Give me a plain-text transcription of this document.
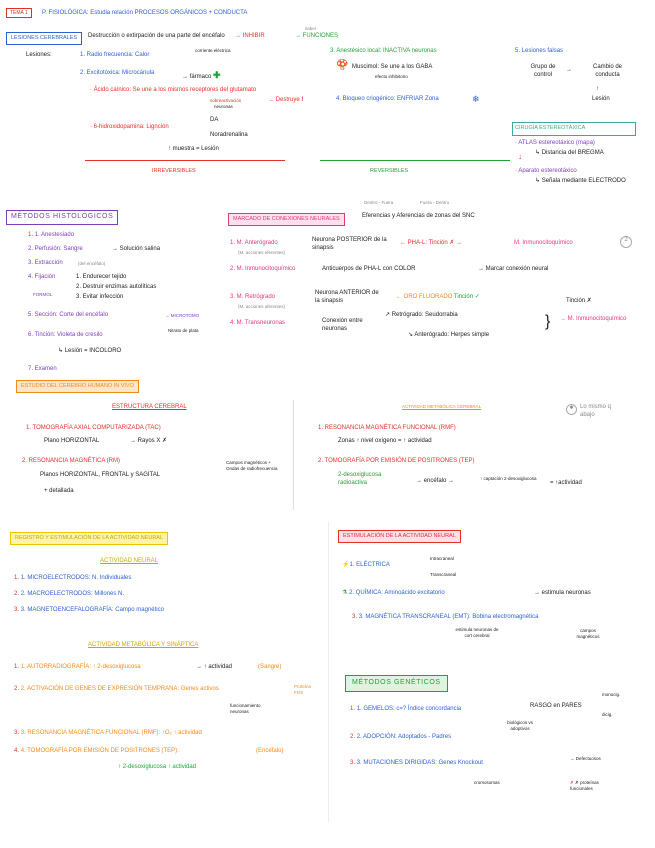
TEMA 1	P. FISIOLÓGICA: Estudia relación PROCESOS ORGÁNICOS + CONDUCTA
LESIONES CEREBRALES	Destrucción o extirpación de una parte del encéfalo → INHIBIR
saber
→ FUNCIONES
Lesiones:	1. Radio frecuencia: Calor
corriente eléctrica
2. Excitotóxica: Microcánula
→ fármaco ✚
· Ácido caínico: Se une a los mismos receptores del glutamato
sobreactivación
neuronas
→ Destruye !
· 6-hidroxidopamina: Lignción
DA
Noradrenalina
↑ muestra = Lesión
IRREVERSIBLES
3. Anestésico local: INACTIVA neuronas
🍄 Muscimol: Se une a los GABA
efecto inhibitorio
4. Bloqueo criogénico: ENFRIAR Zona	❄
REVERSIBLES
5. Lesiones falsas
Grupo de control
→	Cambio de conducta
↑
Lesión
CIRUGÍA ESTEREOTÁXICA
· ATLAS estereotáxico (mapa)
↳ Distancia del BREGMA
↓
· Aparato estereotáxico
↳ Señala mediante ELECTRODO
MÉTODOS HISTOLÓGICOS
1. 1. Anestesiado
2. Perfusión: Sangre	→ Solución salina
3. Extracción	(del encéfalo)
4. Fijación	1. Endurecer tejido
2. Destruir enzimas autolíticas
3. Evitar infección
FORMOL
5. Sección: Corte del encéfalo	→ MICROTOMO
6. Tinción: Violeta de cresilo
Nitrato de plata
↳ Lesión = INCOLORO
7. Examen
MARCADO DE CONEXIONES NEURALES
Dentro - Fuera	Fuera - Dentro
Eferencias y Aferencias de zonas del SNC
1. M. Anterógrado
(M. acciones eferentes)
Neurona POSTERIOR de la sinapsis
← PHA-L: Tinción ✗ →	M. Inmunocitoquímico	2
2. M. Inmunocitoquímico	Anticuerpos de PHA-L con COLOR	→ Marcar conexión neural
3. M. Retrógrado
(M. acciones aferentes)
Neurona ANTERIOR de la sinapsis
← ORO FLUORADO Tinción ✓
4. M. Transneuronas	Conexión entre neuronas
↗ Retrógrado: Seudorrabia
↘ Anterógrado: Herpes simple
}
Tinción ✗
→ M. Inmunocitoquímico
ESTUDIO DEL CEREBRO HUMANO IN VIVO
ESTRUCTURA CEREBRAL
1. TOMOGRAFÍA AXIAL COMPUTARIZADA (TAC)
Plano HORIZONTAL	→ Rayos X ✗
2. RESONANCIA MAGNÉTICA (RM)
Planos HORIZONTAL, FRONTAL y SAGITAL
+ detallada
Campos magnéticos + Ondas de radiofrecuencia
ACTIVIDAD METABÓLICA CEREBRAL	✱	Lo mismo q abajo
1. RESONANCIA MAGNÉTICA FUNCIONAL (RMF)
Zonas ↑ nivel oxígeno = ↑ actividad
2. TOMOGRAFÍA POR EMISIÓN DE POSITRONES (TEP)
2-desoxiglucosa radioactiva	→ encéfalo →	↑ captación 2-desoxiglucosa
= ↑actividad
REGISTRO Y ESTIMULACIÓN DE LA ACTIVIDAD NEURAL
ACTIVIDAD NEURAL
1. 1. MICROELECTRODOS: N. Individuales
2. 2. MACROELECTRODOS: Millones N.
3. 3. MAGNETOENCEFALOGRAFÍA: Campo magnético
ACTIVIDAD METABÓLICA Y SINÁPTICA
1. 1. AUTORRADIOGRAFÍA: ↑ 2-desoxiglucosa	→ ↑ actividad	(Sangre)
2. 2. ACTIVACIÓN DE GENES DE EXPRESIÓN TEMPRANA: Genes activos	Proteína FOS
funcionamiento neuronas
3. 3. RESONANCIA MAGNÉTICA FUNCIONAL (RMF): ↑O₂ ↑ actividad
4. 4. TOMOGRAFÍA POR EMISIÓN DE POSITRONES (TEP):	(Encéfalo)
↑ 2-desoxiglucosa ↑ actividad
ESTIMULACIÓN DE LA ACTIVIDAD NEURAL
⚡1. ELÉCTRICA
Intracraneal
Transcraneal
⚗ 2. QUÍMICA: Aminoácido excitatorio	→ estimula neuronas
3. 3. MAGNÉTICA TRANSCRANEAL (EMT): Bobina electromagnética
estimula neuronas de cort cerebral
campos magnéticos
MÉTODOS GENÉTICOS
1. 1. GEMELOS: c=? Índice concordancia	RASGO en PARES
monocig.
dicig.
2. 2. ADOPCIÓN: Adoptados - Padres
biológicos vs adoptivos
3. 3. MUTACIONES DIRIGIDAS: Genes Knockout
→ Defectuosos
cromosomas	✗ ✗ proteínas funcionales
